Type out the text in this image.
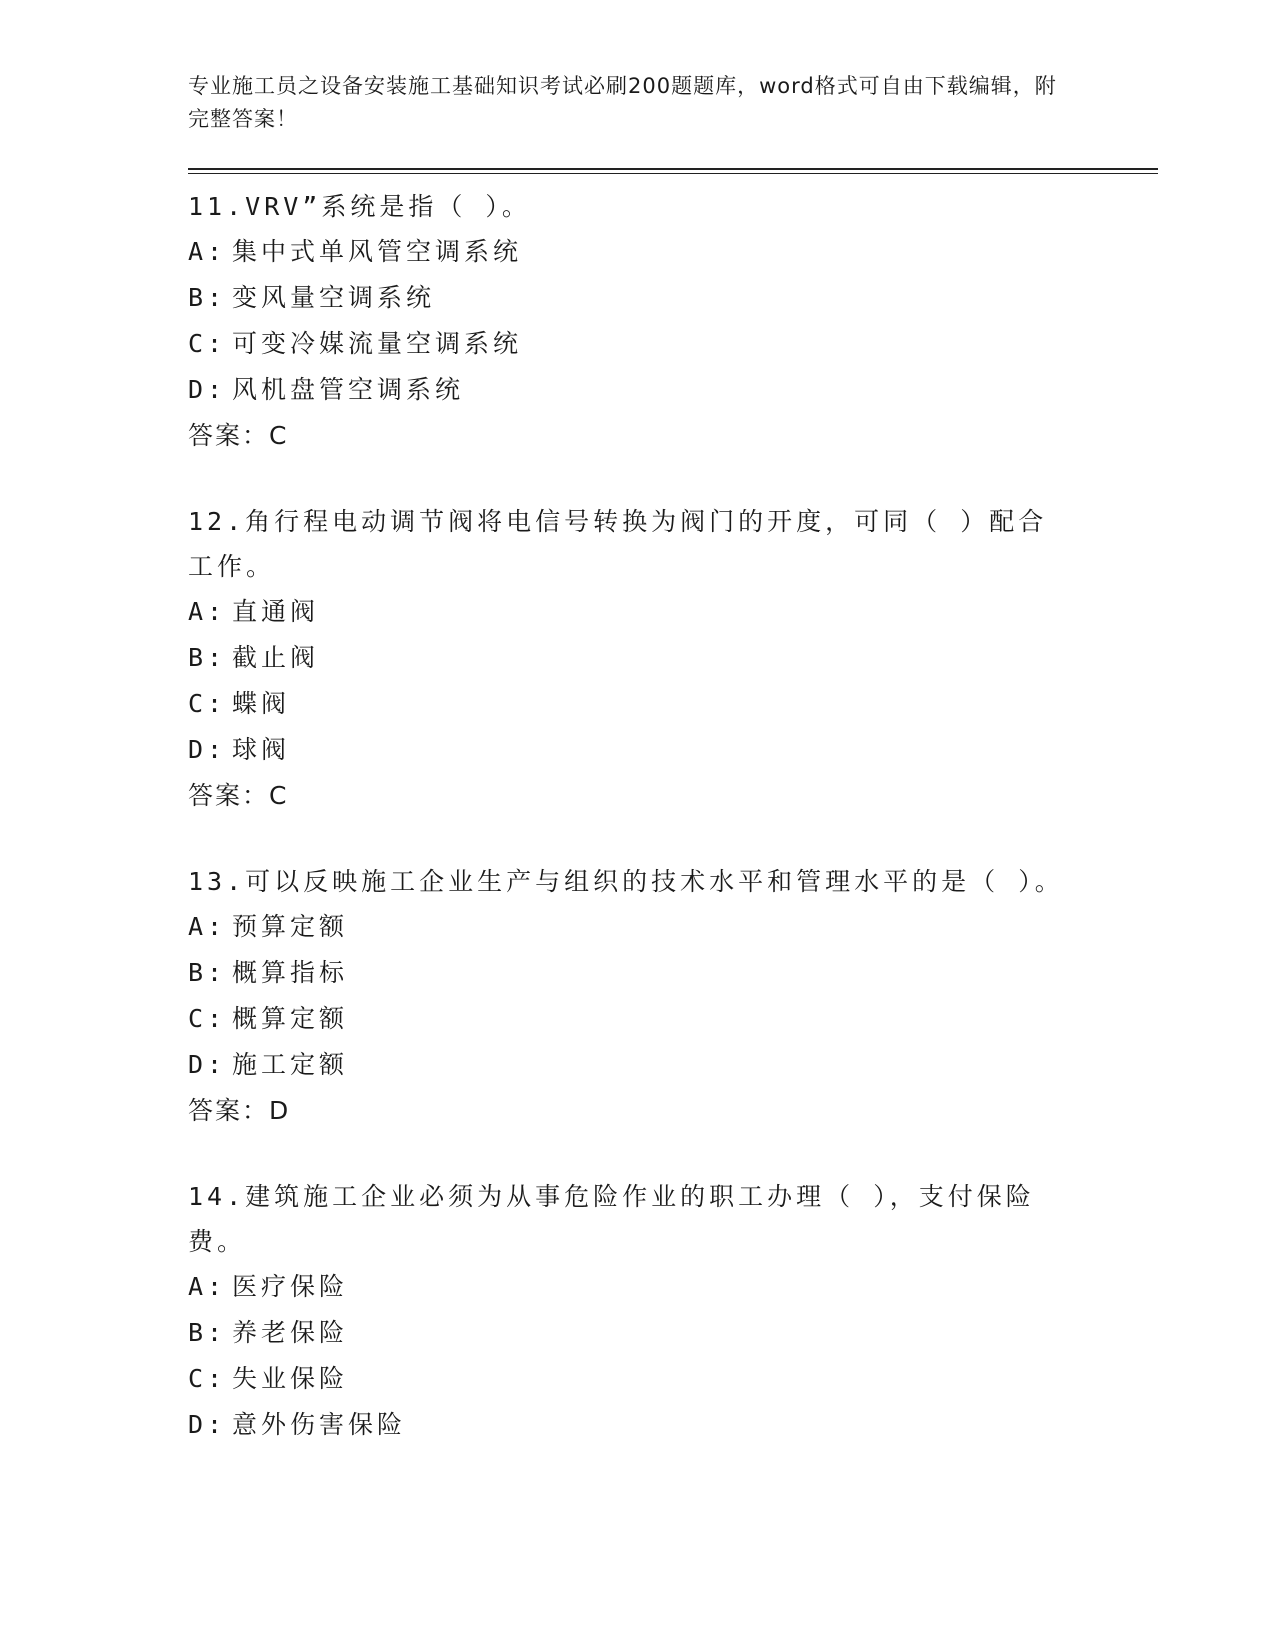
专业施工员之设备安装施工基础知识考试必刷200题题库，word格式可自由下载编辑，附完整答案！

11.VRV”系统是指（ ）。

A: 集中式单风管空调系统

B: 变风量空调系统

C: 可变冷媒流量空调系统

D: 风机盘管空调系统

答案：C

12.角行程电动调节阀将电信号转换为阀门的开度，可同（ ）配合工作。

A: 直通阀

B: 截止阀

C: 蝶阀

D: 球阀

答案：C

13.可以反映施工企业生产与组织的技术水平和管理水平的是（ ）。

A: 预算定额

B: 概算指标

C: 概算定额

D: 施工定额

答案：D

14.建筑施工企业必须为从事危险作业的职工办理（ ），支付保险费。

A: 医疗保险

B: 养老保险

C: 失业保险

D: 意外伤害保险
